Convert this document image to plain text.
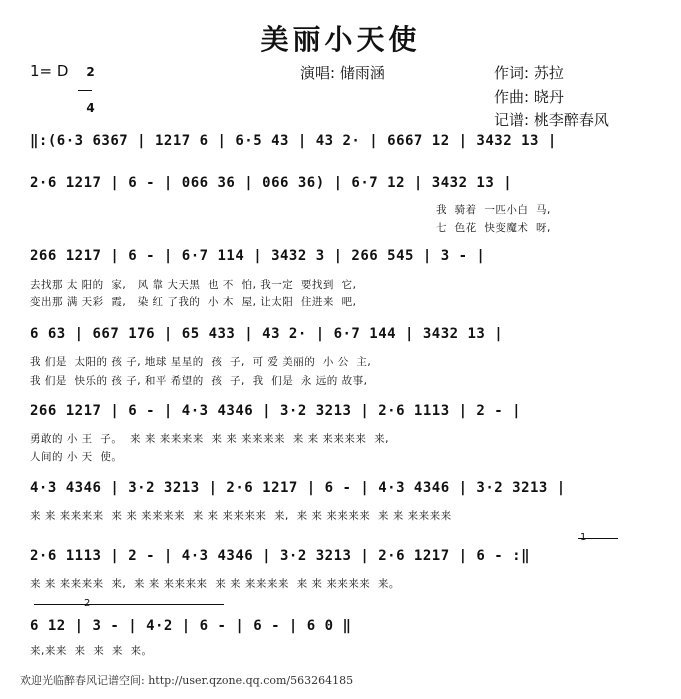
美丽小天使
1= D	2

4

演唱: 储雨涵	作词: 苏拉
作曲: 晓丹
记谱: 桃李醉春风
‖:(6·3 6367 | 1217 6 | 6·5 43 | 43 2· | 6667 12 | 3432 13 |
2·6 1217 | 6 - | 066 36 | 066 36) | 6·7 12 | 3432 13 |
我  骑着  一匹小白  马,
七  色花  快变魔术  呀,
266 1217 | 6 - | 6·7 114 | 3432 3 | 266 545 | 3 - |
去找那 太 阳的  家,   风 靠 大天黑  也 不  怕, 我一定  要找到  它,
变出那 满 天彩  霞,   染 红 了我的  小 木  屋, 让太阳  住进来  吧,
6 63 | 667 176 | 65 433 | 43 2· | 6·7 144 | 3432 13 |
我 们是  太阳的 孩 子, 地球 星星的  孩  子,  可 爱 美丽的  小 公  主,
我 们是  快乐的 孩 子, 和平 希望的  孩  子,  我  们是  永 远的 故事,
266 1217 | 6 - | 4·3 4346 | 3·2 3213 | 2·6 1113 | 2 - |
勇敢的 小 王  子。  来 来 来来来来  来 来 来来来来  来 来 来来来来  来,
人间的 小 天  使。
4·3 4346 | 3·2 3213 | 2·6 1217 | 6 - | 4·3 4346 | 3·2 3213 |
来 来 来来来来  来 来 来来来来  来 来 来来来来  来,  来 来 来来来来  来 来 来来来来
1
2·6 1113 | 2 - | 4·3 4346 | 3·2 3213 | 2·6 1217 | 6 - :‖
来 来 来来来来  来,  来 来 来来来来  来 来 来来来来  来 来 来来来来  来。
2
6 12 | 3 - | 4·2 | 6 - | 6 - | 6 0 ‖
来,来来  来  来  来  来。
欢迎光临醉春风记谱空间: http://user.qzone.qq.com/563264185
